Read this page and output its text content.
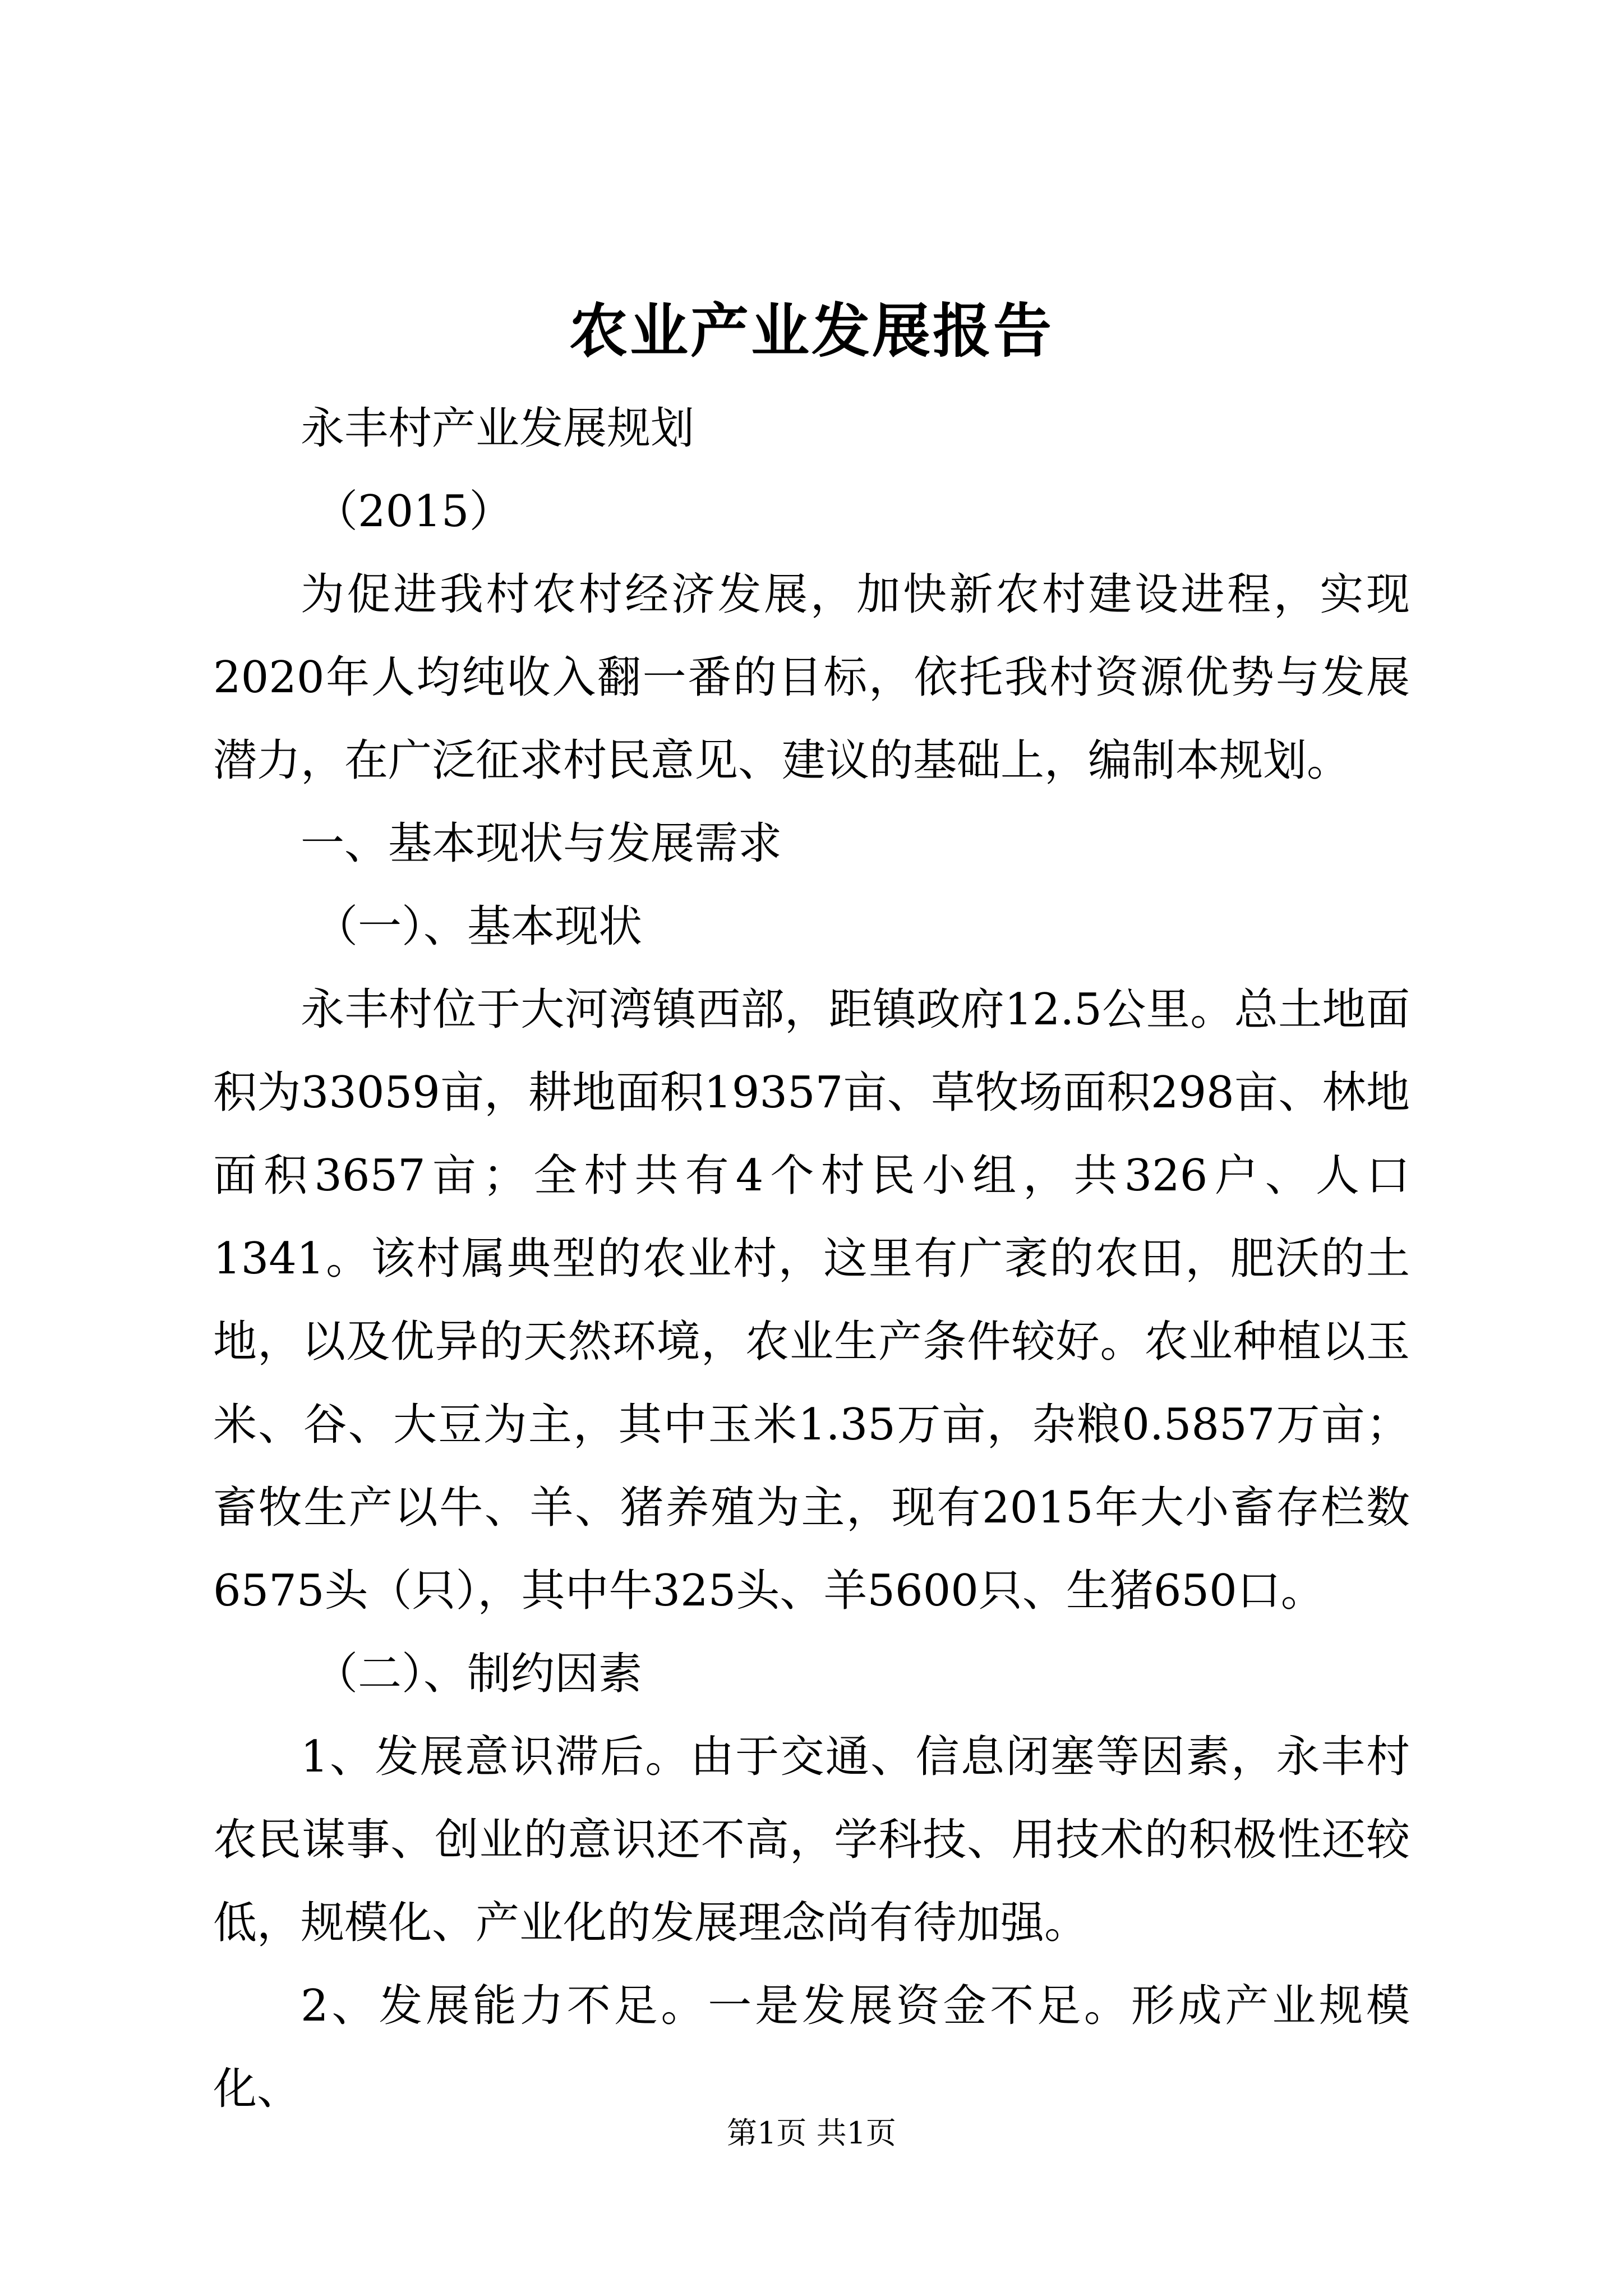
农业产业发展报告

永丰村产业发展规划

（2015）

为促进我村农村经济发展，加快新农村建设进程，实现2020年人均纯收入翻一番的目标，依托我村资源优势与发展潜力，在广泛征求村民意见、建议的基础上，编制本规划。

一、基本现状与发展需求

（一）、基本现状

永丰村位于大河湾镇西部，距镇政府12.5公里。总土地面积为33059亩，耕地面积19357亩、草牧场面积298亩、林地面积3657亩；全村共有4个村民小组，共326户、人口1341。该村属典型的农业村，这里有广袤的农田，肥沃的土地，以及优异的天然环境，农业生产条件较好。农业种植以玉米、谷、大豆为主，其中玉米1.35万亩，杂粮0.5857万亩；畜牧生产以牛、羊、猪养殖为主，现有2015年大小畜存栏数6575头（只），其中牛325头、羊5600只、生猪650口。

（二）、制约因素

1、发展意识滞后。由于交通、信息闭塞等因素，永丰村农民谋事、创业的意识还不高，学科技、用技术的积极性还较低，规模化、产业化的发展理念尚有待加强。

2、发展能力不足。一是发展资金不足。形成产业规模化、

第1页 共1页
